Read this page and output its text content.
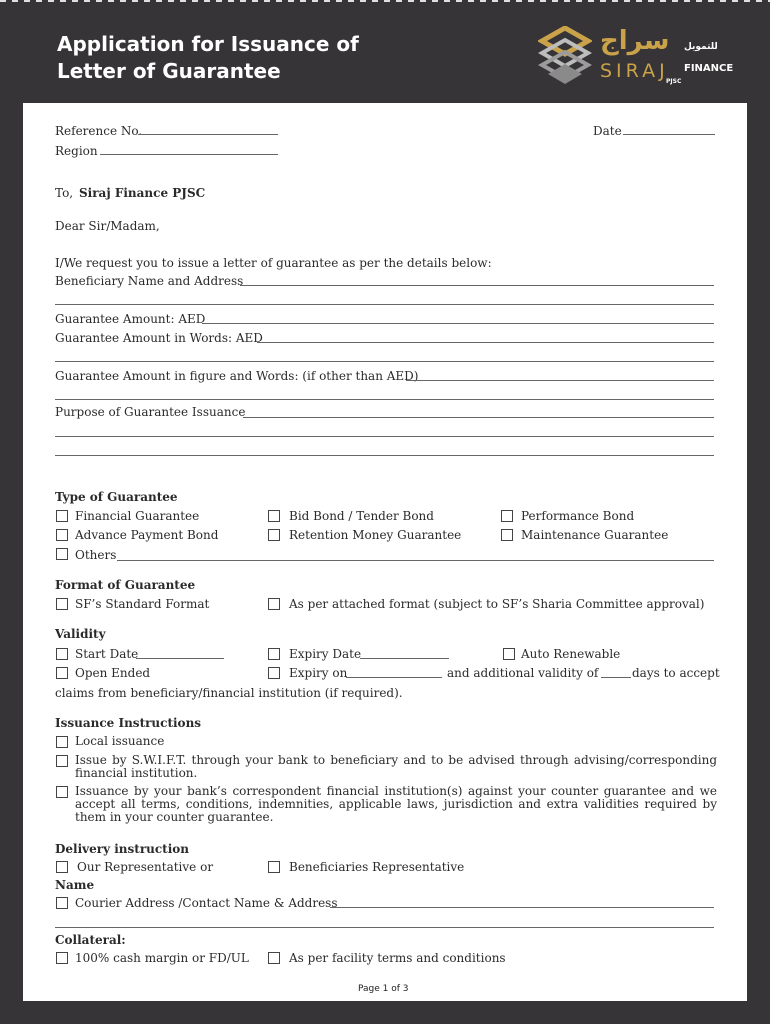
Application for Issuance of
Letter of Guarantee
سراج للتمويل
SIRAJ FINANCE
PJSC
Reference No.
Region
Date
To, Siraj Finance PJSC
Dear Sir/Madam,
I/We request you to issue a letter of guarantee as per the details below:
Beneficiary Name and Address
Guarantee Amount: AED
Guarantee Amount in Words: AED
Guarantee Amount in figure and Words: (if other than AED)
Purpose of Guarantee Issuance
Type of Guarantee
Financial Guarantee	Bid Bond / Tender Bond	Performance Bond
Advance Payment Bond	Retention Money Guarantee	Maintenance Guarantee
Others
Format of Guarantee
SF’s Standard Format	As per attached format (subject to SF’s Sharia Committee approval)
Validity
Start Date	Expiry Date	Auto Renewable
Open Ended	Expiry on	and additional validity of	days to accept
claims from beneficiary/financial institution (if required).
Issuance Instructions
Local issuance
Issue by S.W.I.F.T. through your bank to beneficiary and to be advised through advising/corresponding financial institution.
Issuance by your bank’s correspondent financial institution(s) against your counter guarantee and we accept all terms, conditions, indemnities, applicable laws, jurisdiction and extra validities required by them in your counter guarantee.
Delivery instruction
Our Representative or	Beneficiaries Representative
Name
Courier Address /Contact Name & Address
Collateral:
100% cash margin or FD/UL	As per facility terms and conditions
Page 1 of 3
